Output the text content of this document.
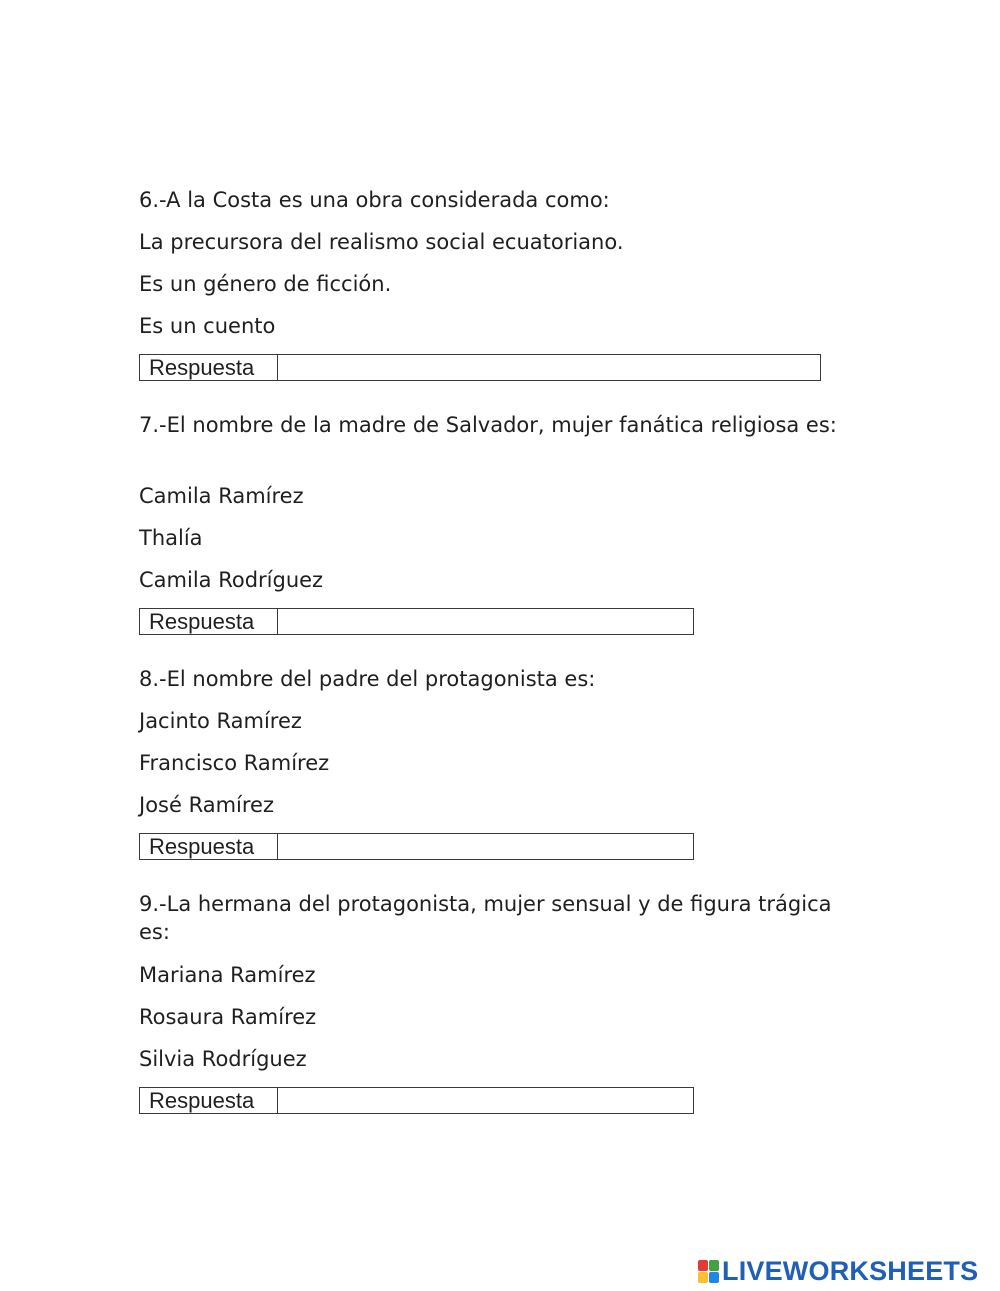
6.-A la Costa es una obra considerada como:
La precursora del realismo social ecuatoriano.
Es un género de ficción.
Es un cuento
Respuesta
7.-El nombre de la madre de Salvador, mujer fanática religiosa es:
Camila Ramírez
Thalía
Camila Rodríguez
Respuesta
8.-El nombre del padre del protagonista es:
Jacinto Ramírez
Francisco Ramírez
José Ramírez
Respuesta
9.-La hermana del protagonista, mujer sensual y de figura trágica es:
Mariana Ramírez
Rosaura Ramírez
Silvia Rodríguez
Respuesta
LIVEWORKSHEETS
